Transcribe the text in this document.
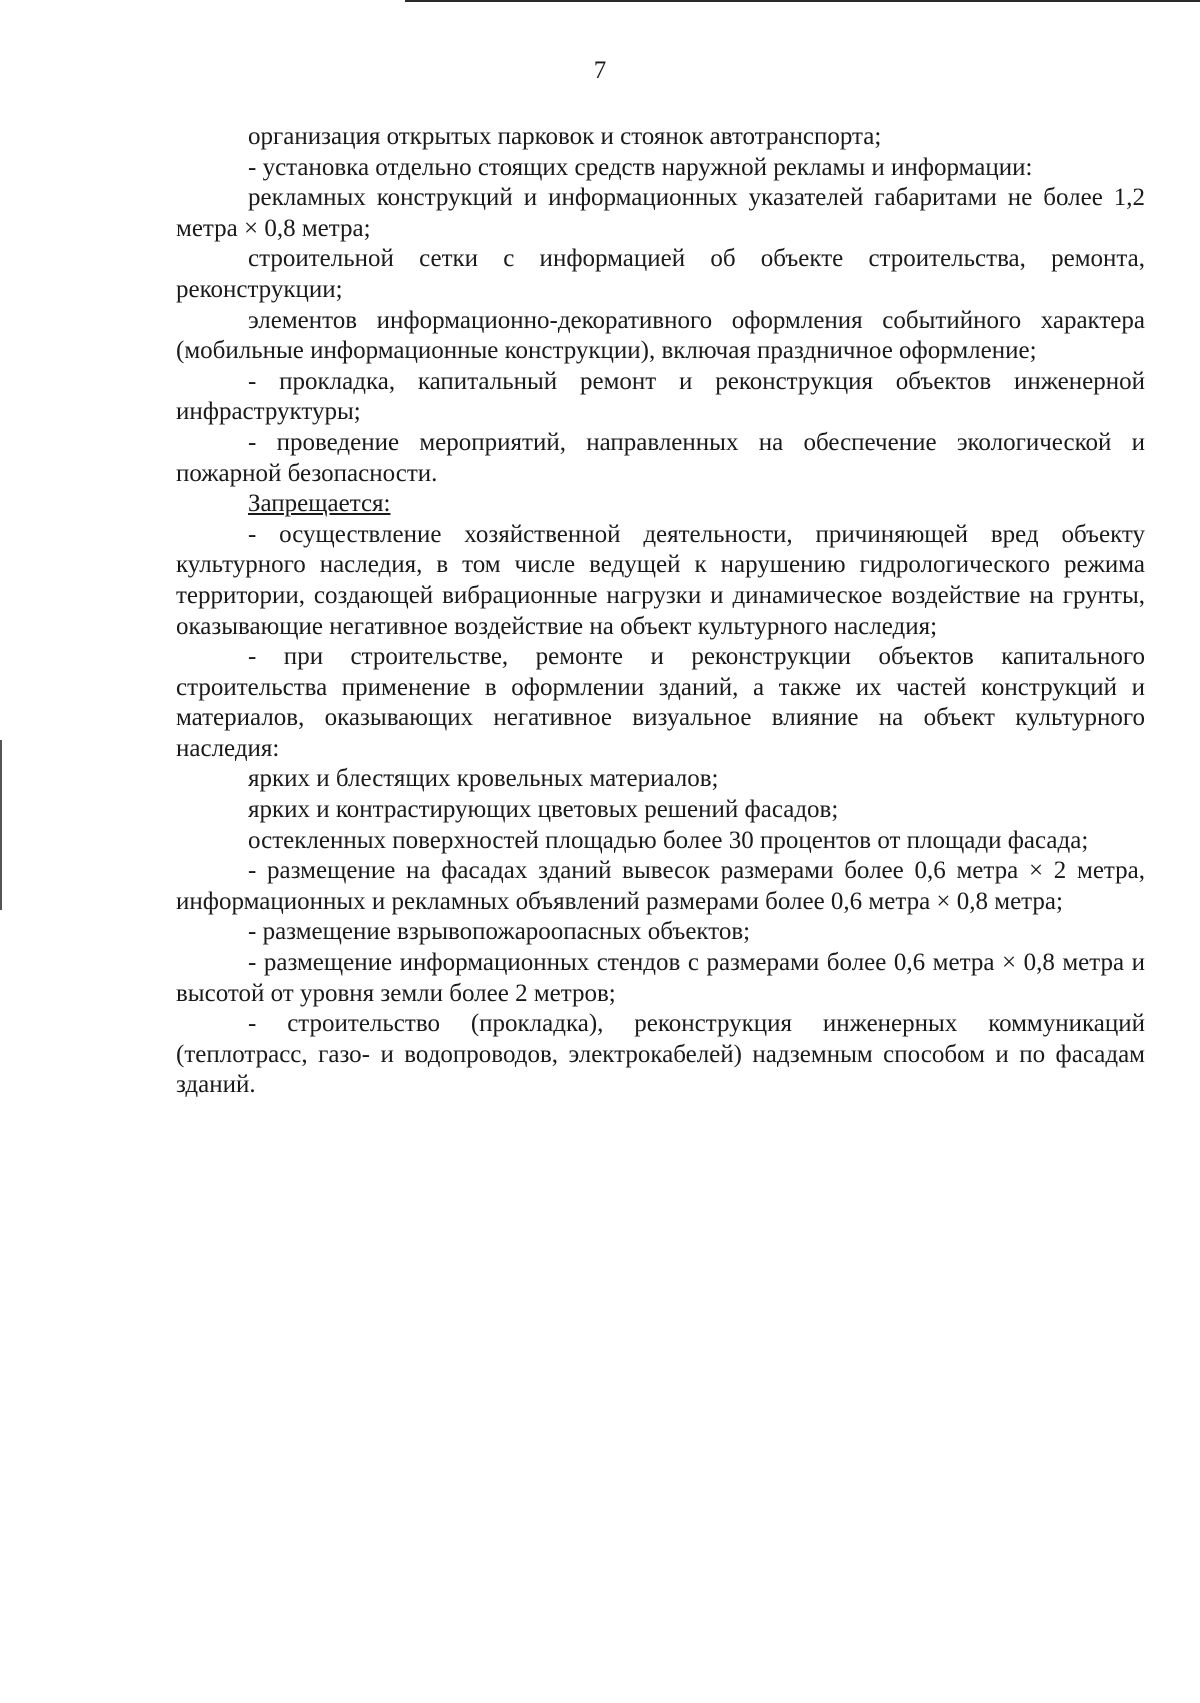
7

организация открытых парковок и стоянок автотранспорта;

- установка отдельно стоящих средств наружной рекламы и информации:

рекламных конструкций и информационных указателей габаритами не более 1,2 метра × 0,8 метра;

строительной сетки с информацией об объекте строительства, ремонта, реконструкции;

элементов информационно-декоративного оформления событийного характера (мобильные информационные конструкции), включая праздничное оформление;

- прокладка, капитальный ремонт и реконструкция объектов инженерной инфраструктуры;

- проведение мероприятий, направленных на обеспечение экологической и пожарной безопасности.

Запрещается:

- осуществление хозяйственной деятельности, причиняющей вред объекту культурного наследия, в том числе ведущей к нарушению гидрологического режима территории, создающей вибрационные нагрузки и динамическое воздействие на грунты, оказывающие негативное воздействие на объект культурного наследия;

- при строительстве, ремонте и реконструкции объектов капитального строительства применение в оформлении зданий, а также их частей конструкций и материалов, оказывающих негативное визуальное влияние на объект культурного наследия:

ярких и блестящих кровельных материалов;

ярких и контрастирующих цветовых решений фасадов;

остекленных поверхностей площадью более 30 процентов от площади фасада;

- размещение на фасадах зданий вывесок размерами более 0,6 метра × 2 метра, информационных и рекламных объявлений размерами более 0,6 метра × 0,8 метра;

- размещение взрывопожароопасных объектов;

- размещение информационных стендов с размерами более 0,6 метра × 0,8 метра и высотой от уровня земли более 2 метров;

- строительство (прокладка), реконструкция инженерных коммуникаций (теплотрасс, газо- и водопроводов, электрокабелей) надземным способом и по фасадам зданий.
